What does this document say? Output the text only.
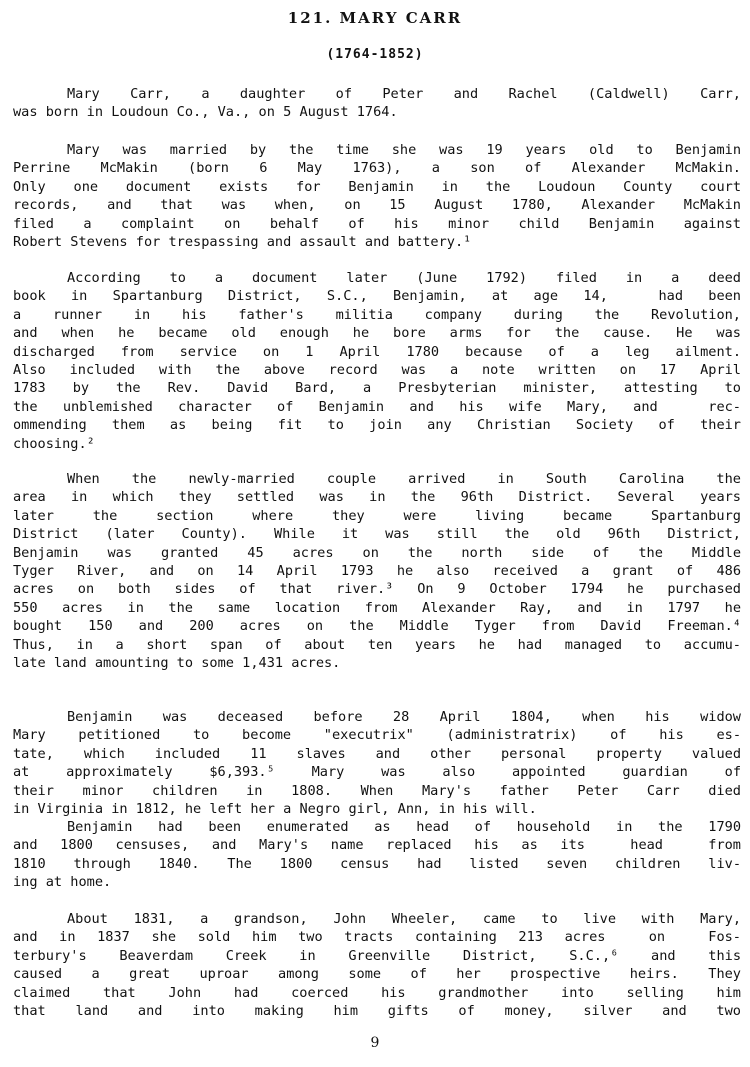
121. MARY CARR
(1764-1852)
Mary Carr, a daughter of Peter and Rachel (Caldwell) Carr,
was born in Loudoun Co., Va., on 5 August 1764.
Mary was married by the time she was 19 years old to Benjamin
Perrine McMakin (born 6 May 1763), a son of Alexander McMakin.
Only one document exists for Benjamin in the Loudoun County court
records, and that was when, on 15 August 1780, Alexander McMakin
filed a complaint on behalf of his minor child Benjamin against
Robert Stevens for trespassing and assault and battery.¹
According to a document later (June 1792) filed in a deed
book in Spartanburg District, S.C., Benjamin, at age 14,  had been
a runner in his father's militia company during the Revolution,
and when he became old enough he bore arms for the cause. He was
discharged from service on 1 April 1780 because of a leg ailment.
Also included with the above record was a note written on 17 April
1783 by the Rev. David Bard, a Presbyterian minister, attesting to
the unblemished character of Benjamin and his wife Mary, and  rec-
ommending them as being fit to join any Christian Society of their
choosing.²
When the newly-married couple arrived in South Carolina the
area in which they settled was in the 96th District. Several years
later the section where they were living became Spartanburg
District (later County). While it was still the old 96th District,
Benjamin was granted 45 acres on the north side of the Middle
Tyger River, and on 14 April 1793 he also received a grant of 486
acres on both sides of that river.³ On 9 October 1794 he purchased
550 acres in the same location from Alexander Ray, and in 1797 he
bought 150 and 200 acres on the Middle Tyger from David Freeman.⁴
Thus, in a short span of about ten years he had managed to accumu-
late land amounting to some 1,431 acres.
Benjamin was deceased before 28 April 1804, when his widow
Mary petitioned to become "executrix" (administratrix) of his es-
tate, which included 11 slaves and other personal property valued
at approximately $6,393.⁵ Mary was also appointed guardian of
their minor children in 1808. When Mary's father Peter Carr died
in Virginia in 1812, he left her a Negro girl, Ann, in his will.
Benjamin had been enumerated as head of household in the 1790
and 1800 censuses, and Mary's name replaced his as its  head  from
1810 through 1840. The 1800 census had listed seven children liv-
ing at home.
About 1831, a grandson, John Wheeler, came to live with Mary,
and in 1837 she sold him two tracts containing 213 acres  on  Fos-
terbury's Beaverdam Creek in Greenville District, S.C.,⁶ and this
caused a great uproar among some of her prospective heirs. They
claimed that John had coerced his grandmother into selling him
that land and into making him gifts of money, silver and two
9
